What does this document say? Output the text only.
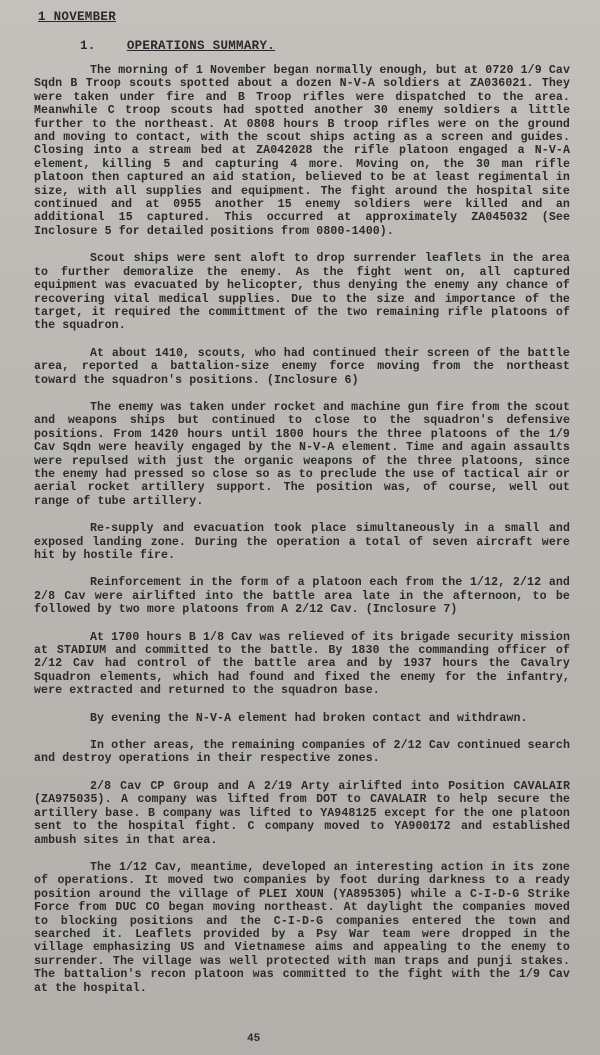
1 NOVEMBER
1. OPERATIONS SUMMARY.

The morning of 1 November began normally enough, but at 0720 1/9 Cav Sqdn B Troop scouts spotted about a dozen N-V-A soldiers at ZA036021. They were taken under fire and B Troop rifles were dispatched to the area. Meanwhile C troop scouts had spotted another 30 enemy soldiers a little further to the northeast. At 0808 hours B troop rifles were on the ground and moving to contact, with the scout ships acting as a screen and guides. Closing into a stream bed at ZA042028 the rifle platoon engaged a N-V-A element, killing 5 and capturing 4 more. Moving on, the 30 man rifle platoon then captured an aid station, believed to be at least regimental in size, with all supplies and equipment. The fight around the hospital site continued and at 0955 another 15 enemy soldiers were killed and an additional 15 captured. This occurred at approximately ZA045032 (See Inclosure 5 for detailed positions from 0800-1400).

Scout ships were sent aloft to drop surrender leaflets in the area to further demoralize the enemy. As the fight went on, all captured equipment was evacuated by helicopter, thus denying the enemy any chance of recovering vital medical supplies. Due to the size and importance of the target, it required the committment of the two remaining rifle platoons of the squadron.

At about 1410, scouts, who had continued their screen of the battle area, reported a battalion-size enemy force moving from the northeast toward the squadron's positions. (Inclosure 6)

The enemy was taken under rocket and machine gun fire from the scout and weapons ships but continued to close to the squadron's defensive positions. From 1420 hours until 1800 hours the three platoons of the 1/9 Cav Sqdn were heavily engaged by the N-V-A element. Time and again assaults were repulsed with just the organic weapons of the three platoons, since the enemy had pressed so close so as to preclude the use of tactical air or aerial rocket artillery support. The position was, of course, well out range of tube artillery.

Re-supply and evacuation took place simultaneously in a small and exposed landing zone. During the operation a total of seven aircraft were hit by hostile fire.

Reinforcement in the form of a platoon each from the 1/12, 2/12 and 2/8 Cav were airlifted into the battle area late in the afternoon, to be followed by two more platoons from A 2/12 Cav. (Inclosure 7)

At 1700 hours B 1/8 Cav was relieved of its brigade security mission at STADIUM and committed to the battle. By 1830 the commanding officer of 2/12 Cav had control of the battle area and by 1937 hours the Cavalry Squadron elements, which had found and fixed the enemy for the infantry, were extracted and returned to the squadron base.

By evening the N-V-A element had broken contact and withdrawn.

In other areas, the remaining companies of 2/12 Cav continued search and destroy operations in their respective zones.

2/8 Cav CP Group and A 2/19 Arty airlifted into Position CAVALAIR (ZA975035). A company was lifted from DOT to CAVALAIR to help secure the artillery base. B company was lifted to YA948125 except for the one platoon sent to the hospital fight. C company moved to YA900172 and established ambush sites in that area.

The 1/12 Cav, meantime, developed an interesting action in its zone of operations. It moved two companies by foot during darkness to a ready position around the village of PLEI XOUN (YA895305) while a C-I-D-G Strike Force from DUC CO began moving northeast. At daylight the companies moved to blocking positions and the C-I-D-G companies entered the town and searched it. Leaflets provided by a Psy War team were dropped in the village emphasizing US and Vietnamese aims and appealing to the enemy to surrender. The village was well protected with man traps and punji stakes. The battalion's recon platoon was committed to the fight with the 1/9 Cav at the hospital.

45
